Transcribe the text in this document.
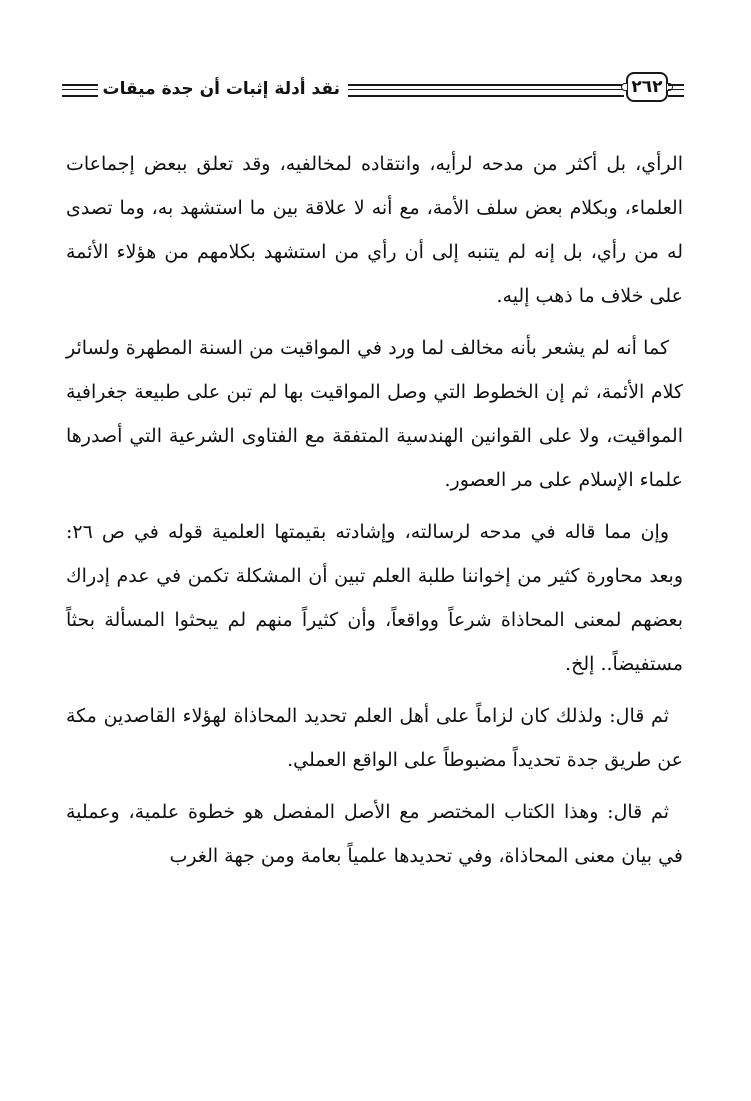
نقد أدلة إثبات أن جدة ميقات	٢٦٢

الرأي، بل أكثر من مدحه لرأيه، وانتقاده لمخالفيه، وقد تعلق ببعض إجماعات العلماء، وبكلام بعض سلف الأمة، مع أنه لا علاقة بين ما استشهد به، وما تصدى له من رأي، بل إنه لم يتنبه إلى أن رأي من استشهد بكلامهم من هؤلاء الأئمة على خلاف ما ذهب إليه.

كما أنه لم يشعر بأنه مخالف لما ورد في المواقيت من السنة المطهرة ولسائر كلام الأئمة، ثم إن الخطوط التي وصل المواقيت بها لم تبن على طبيعة جغرافية المواقيت، ولا على القوانين الهندسية المتفقة مع الفتاوى الشرعية التي أصدرها علماء الإسلام على مر العصور.

وإن مما قاله في مدحه لرسالته، وإشادته بقيمتها العلمية قوله في ص ٢٦: وبعد محاورة كثير من إخواننا طلبة العلم تبين أن المشكلة تكمن في عدم إدراك بعضهم لمعنى المحاذاة شرعاً وواقعاً، وأن كثيراً منهم لم يبحثوا المسألة بحثاً مستفيضاً.. إلخ.

ثم قال: ولذلك كان لزاماً على أهل العلم تحديد المحاذاة لهؤلاء القاصدين مكة عن طريق جدة تحديداً مضبوطاً على الواقع العملي.

ثم قال: وهذا الكتاب المختصر مع الأصل المفصل هو خطوة علمية، وعملية في بيان معنى المحاذاة، وفي تحديدها علمياً بعامة ومن جهة الغرب
